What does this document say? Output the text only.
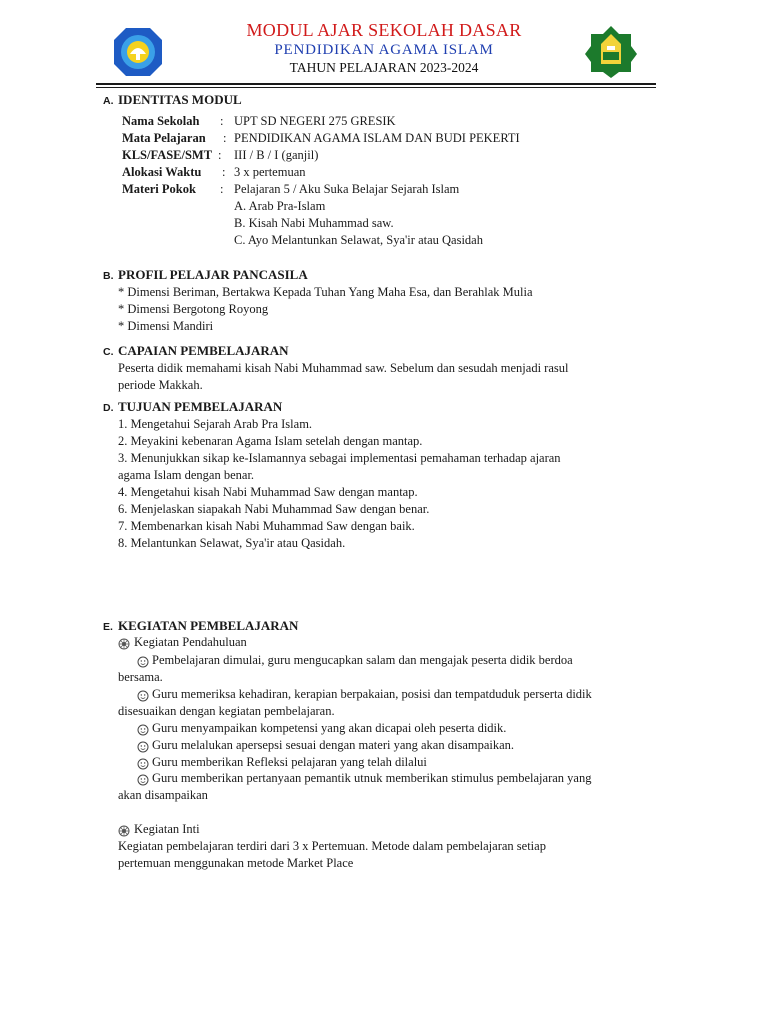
MODUL AJAR SEKOLAH DASAR
PENDIDIKAN AGAMA ISLAM
TAHUN PELAJARAN 2023-2024
A. IDENTITAS MODUL
Nama Sekolah : UPT SD NEGERI 275 GRESIK
Mata Pelajaran : PENDIDIKAN AGAMA ISLAM DAN BUDI PEKERTI
KLS/FASE/SMT : III / B / I (ganjil)
Alokasi Waktu : 3 x pertemuan
Materi Pokok : Pelajaran 5 / Aku Suka Belajar Sejarah Islam
A. Arab Pra-Islam
B. Kisah Nabi Muhammad saw.
C. Ayo Melantunkan Selawat, Sya'ir atau Qasidah
B. PROFIL PELAJAR PANCASILA
* Dimensi Beriman, Bertakwa Kepada Tuhan Yang Maha Esa, dan Berahlak Mulia
* Dimensi Bergotong Royong
* Dimensi Mandiri
C. CAPAIAN PEMBELAJARAN
Peserta didik memahami kisah Nabi Muhammad saw. Sebelum dan sesudah menjadi rasul
periode Makkah.
D. TUJUAN PEMBELAJARAN
1. Mengetahui Sejarah Arab Pra Islam.
2. Meyakini kebenaran Agama Islam setelah dengan mantap.
3. Menunjukkan sikap ke-Islamannya sebagai implementasi pemahaman terhadap ajaran
agama Islam dengan benar.
4. Mengetahui kisah Nabi Muhammad Saw dengan mantap.
6. Menjelaskan siapakah Nabi Muhammad Saw dengan benar.
7. Membenarkan kisah Nabi Muhammad Saw dengan baik.
8. Melantunkan Selawat, Sya'ir atau Qasidah.
E. KEGIATAN PEMBELAJARAN
Kegiatan Pendahuluan
Pembelajaran dimulai, guru mengucapkan salam dan mengajak peserta didik berdoa
bersama.
Guru memeriksa kehadiran, kerapian berpakaian, posisi dan tempatduduk perserta didik
disesuaikan dengan kegiatan pembelajaran.
Guru menyampaikan kompetensi yang akan dicapai oleh peserta didik.
Guru melalukan apersepsi sesuai dengan materi yang akan disampaikan.
Guru memberikan Refleksi pelajaran yang telah dilalui
Guru memberikan pertanyaan pemantik utnuk memberikan stimulus pembelajaran yang
akan disampaikan
Kegiatan Inti
Kegiatan pembelajaran terdiri dari 3 x Pertemuan. Metode dalam pembelajaran setiap
pertemuan menggunakan metode Market Place
